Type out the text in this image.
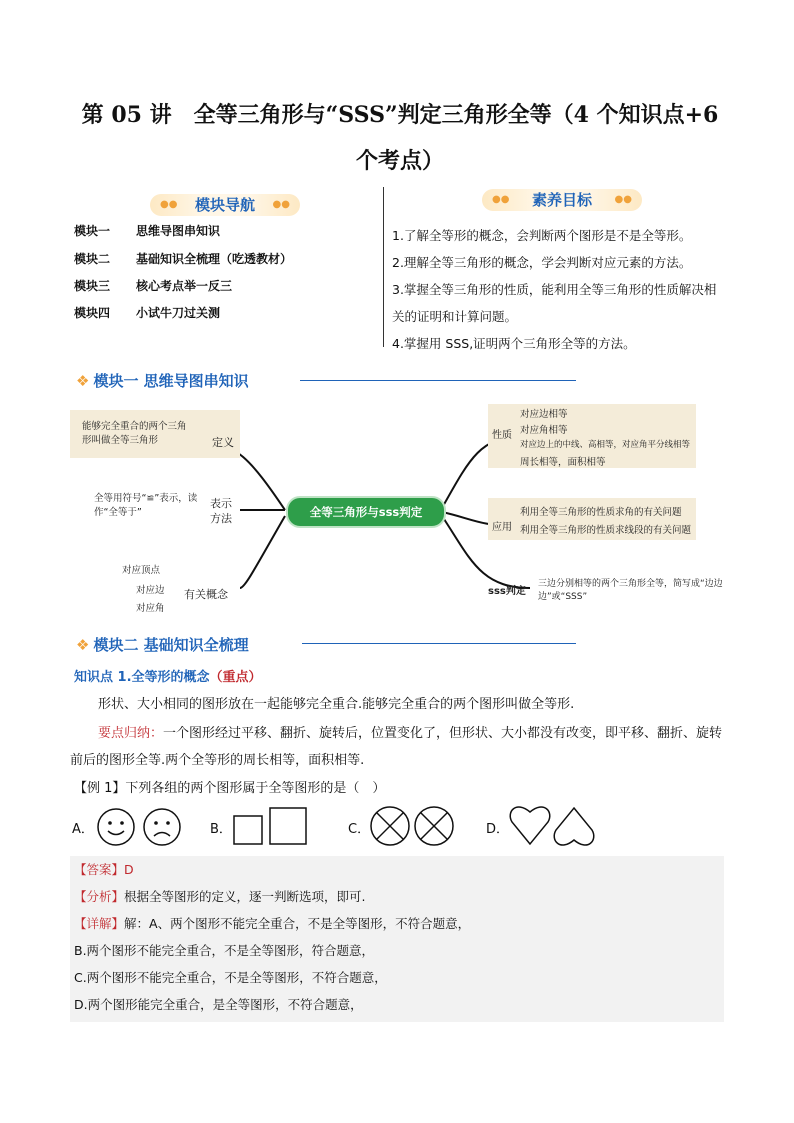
第 05 讲　全等三角形与“SSS”判定三角形全等（4 个知识点+6
个考点）
●● 模块导航 ●●
模块一 思维导图串知识
模块二 基础知识全梳理（吃透教材）
模块三 核心考点举一反三
模块四 小试牛刀过关测
●● 素养目标 ●●
1.了解全等形的概念，会判断两个图形是不是全等形。
2.理解全等三角形的概念，学会判断对应元素的方法。
3.掌握全等三角形的性质，能利用全等三角形的性质解决相关的证明和计算问题。
4.掌握用 SSS,证明两个三角形全等的方法。
❖ 模块一 思维导图串知识
能够完全重合的两个三角形叫做全等三角形	定义
全等用符号“≌”表示，读作“全等于”
表示方法
对应顶点
对应边
对应角
有关概念
全等三角形与sss判定
对应边相等
对应角相等
对应边上的中线、高相等，对应角平分线相等
周长相等，面积相等
性质
利用全等三角形的性质求角的有关问题
利用全等三角形的性质求线段的有关问题
应用
sss判定
三边分别相等的两个三角形全等，简写成“边边边”或“SSS”
❖ 模块二 基础知识全梳理
知识点 1.全等形的概念（重点）
形状、大小相同的图形放在一起能够完全重合.能够完全重合的两个图形叫做全等形.
要点归纳：一个图形经过平移、翻折、旋转后，位置变化了，但形状、大小都没有改变，即平移、翻折、旋转前后的图形全等.两个全等形的周长相等，面积相等.
【例 1】下列各组的两个图形属于全等图形的是（　）
A．	B．	C．	D．
【答案】D
【分析】根据全等图形的定义，逐一判断选项，即可.
【详解】解：A、两个图形不能完全重合，不是全等图形，不符合题意，
B.两个图形不能完全重合，不是全等图形，符合题意，
C.两个图形不能完全重合，不是全等图形，不符合题意，
D.两个图形能完全重合，是全等图形，不符合题意，
